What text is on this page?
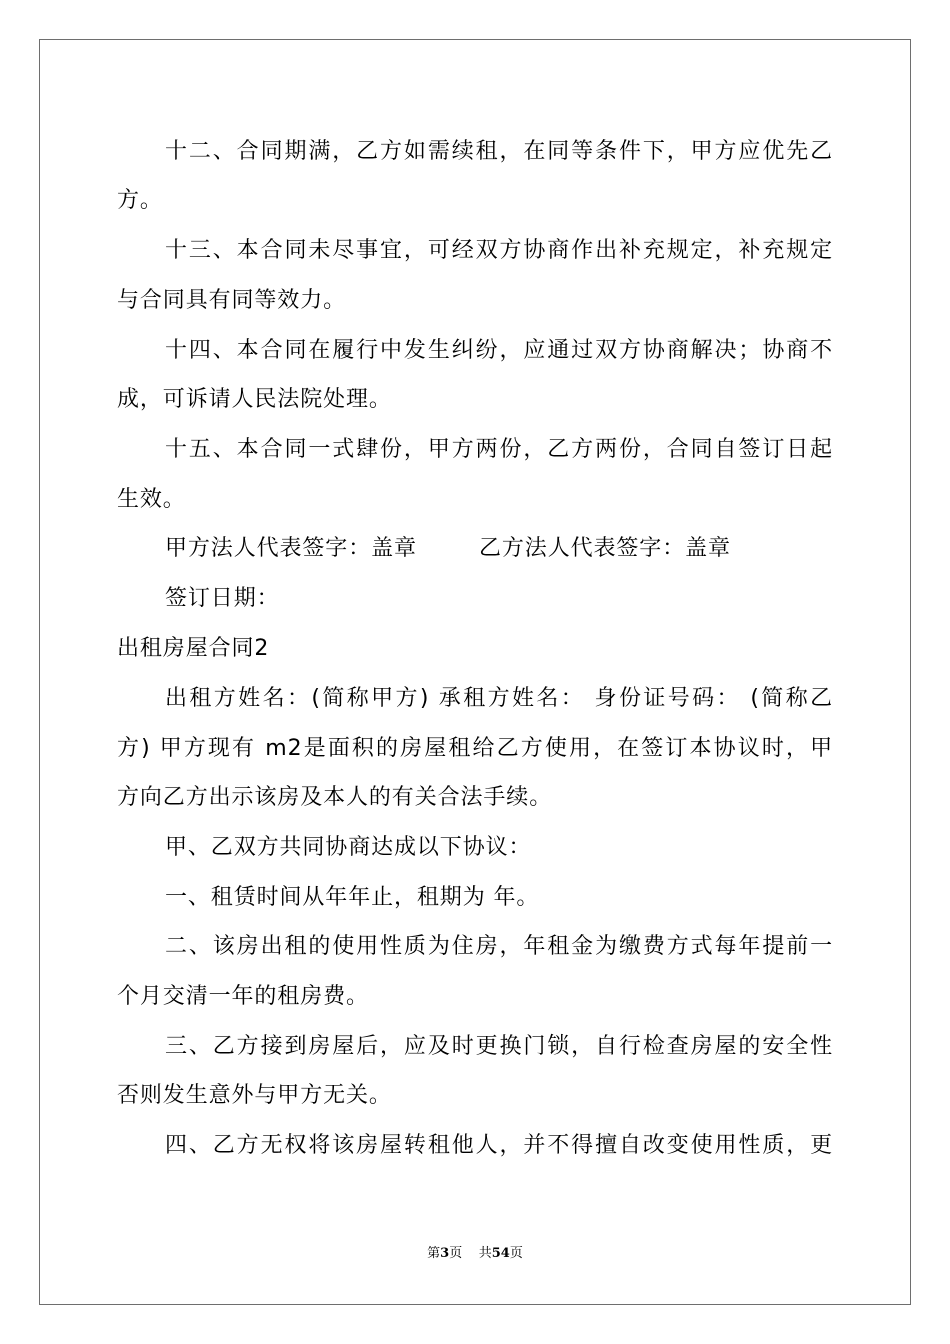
十二、合同期满，乙方如需续租，在同等条件下，甲方应优先乙
方。
十三、本合同未尽事宜，可经双方协商作出补充规定，补充规定
与合同具有同等效力。
十四、本合同在履行中发生纠纷，应通过双方协商解决；协商不
成，可诉请人民法院处理。
十五、本合同一式肆份，甲方两份，乙方两份，合同自签订日起
生效。
甲方法人代表签字：盖章	乙方法人代表签字：盖章
签订日期：
出租房屋合同2
出租方姓名：(简称甲方) 承租方姓名： 身份证号码： (简称乙
方) 甲方现有 m2是面积的房屋租给乙方使用，在签订本协议时，甲
方向乙方出示该房及本人的有关合法手续。
甲、乙双方共同协商达成以下协议：
一、租赁时间从年年止，租期为 年。
二、该房出租的使用性质为住房，年租金为缴费方式每年提前一
个月交清一年的租房费。
三、乙方接到房屋后，应及时更换门锁，自行检查房屋的安全性
否则发生意外与甲方无关。
四、乙方无权将该房屋转租他人，并不得擅自改变使用性质，更
第3页 共54页
